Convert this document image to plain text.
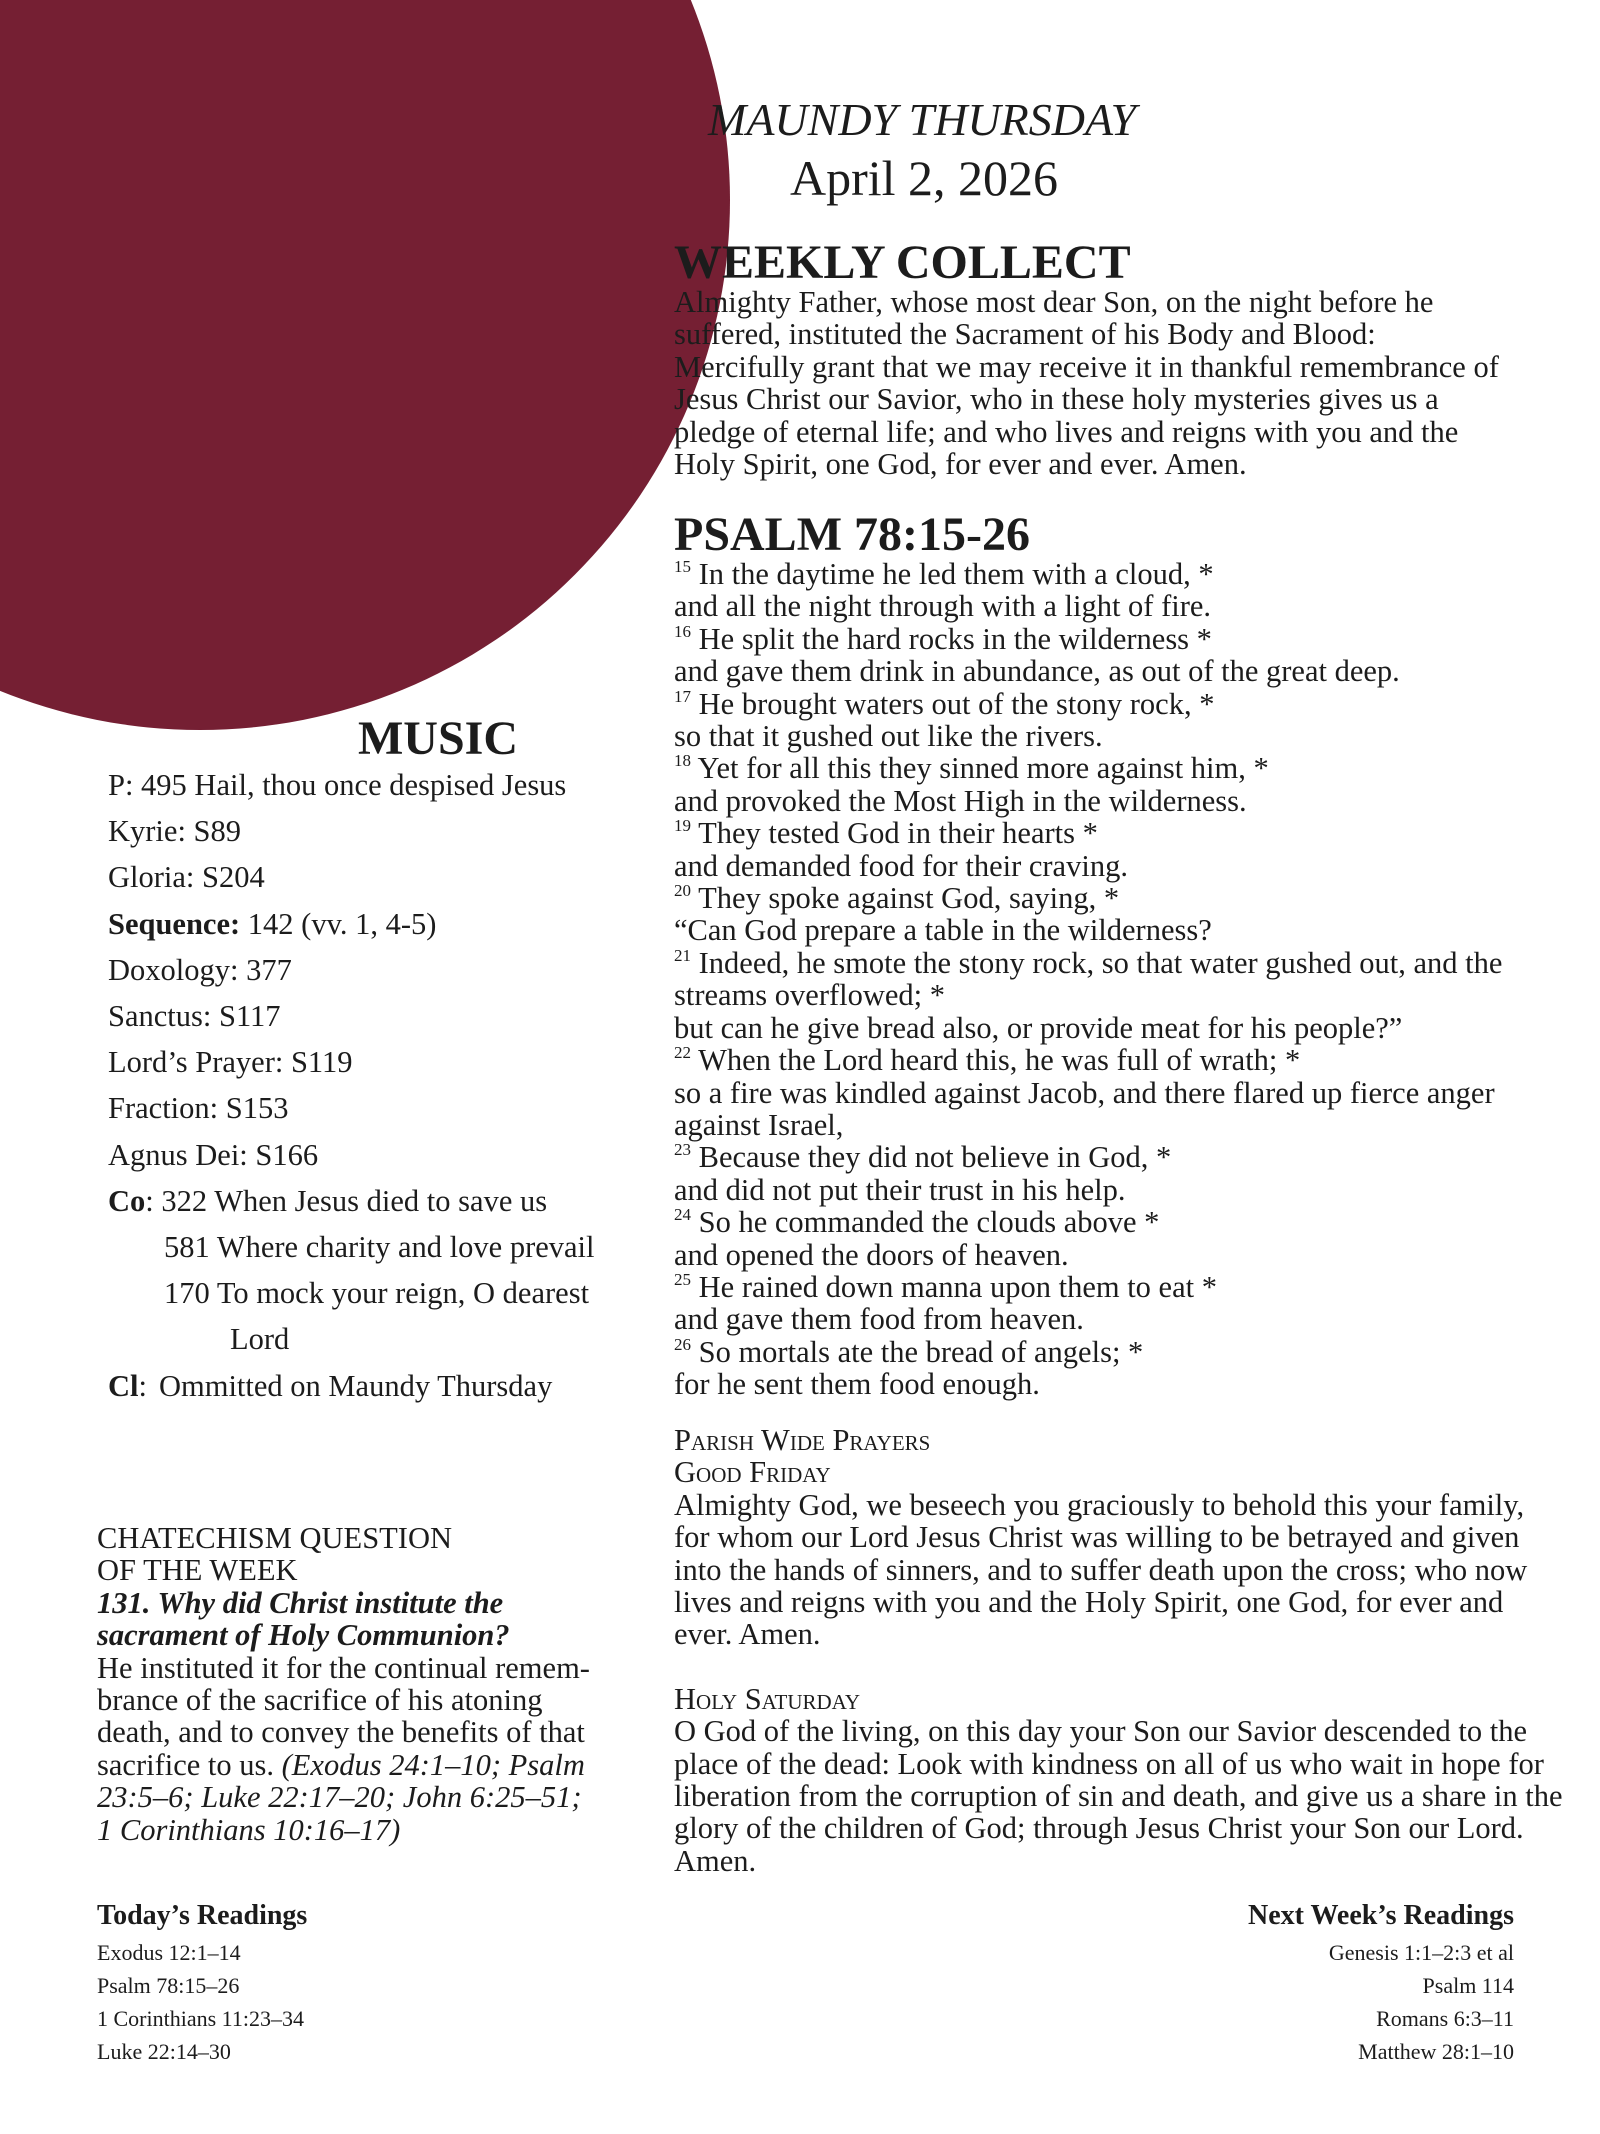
MAUNDY THURSDAY
April 2, 2026
WEEKLY COLLECT
Almighty Father, whose most dear Son, on the night before he
suffered, instituted the Sacrament of his Body and Blood:
Mercifully grant that we may receive it in thankful remembrance of
Jesus Christ our Savior, who in these holy mysteries gives us a
pledge of eternal life; and who lives and reigns with you and the
Holy Spirit, one God, for ever and ever. Amen.
PSALM 78:15-26
$^{15}$ In the daytime he led them with a cloud, *
and all the night through with a light of fire.
$^{16}$ He split the hard rocks in the wilderness *
and gave them drink in abundance, as out of the great deep.
$^{17}$ He brought waters out of the stony rock, *
so that it gushed out like the rivers.
$^{18}$ Yet for all this they sinned more against him, *
and provoked the Most High in the wilderness.
$^{19}$ They tested God in their hearts *
and demanded food for their craving.
$^{20}$ They spoke against God, saying, *
“Can God prepare a table in the wilderness?
$^{21}$ Indeed, he smote the stony rock, so that water gushed out, and the streams overflowed; *
but can he give bread also, or provide meat for his people?”
$^{22}$ When the Lord heard this, he was full of wrath; *
so a fire was kindled against Jacob, and there flared up fierce anger against Israel,
$^{23}$ Because they did not believe in God, *
and did not put their trust in his help.
$^{24}$ So he commanded the clouds above *
and opened the doors of heaven.
$^{25}$ He rained down manna upon them to eat *
and gave them food from heaven.
$^{26}$ So mortals ate the bread of angels; *
for he sent them food enough.

Parish Wide Prayers

Good Friday

Almighty God, we beseech you graciously to behold this your family, for whom our Lord Jesus Christ was willing to be betrayed and given into the hands of sinners, and to suffer death upon the cross; who now lives and reigns with you and the Holy Spirit, one God, for ever and ever. Amen.

Holy Saturday

O God of the living, on this day your Son our Savior descended to the place of the dead: Look with kindness on all of us who wait in hope for liberation from the corruption of sin and death, and give us a share in the glory of the children of God; through Jesus Christ your Son our Lord. Amen.

MUSIC
P: 495 Hail, thou once despised Jesus
Kyrie: S89
Gloria: S204
Sequence: 142 (vv. 1, 4-5)
Doxology: 377
Sanctus: S117
Lord’s Prayer: S119
Fraction: S153
Agnus Dei: S166
Co: 322 When Jesus died to save us
581 Where charity and love prevail
170 To mock your reign, O dearest
Lord
Cl: Ommitted on Maundy Thursday

CHATECHISM QUESTION

OF THE WEEK

131. Why did Christ institute the

sacrament of Holy Communion?

He instituted it for the continual remem-

brance of the sacrifice of his atoning

death, and to convey the benefits of that

sacrifice to us. (Exodus 24:1–10; Psalm

23:5–6; Luke 22:17–20; John 6:25–51;

1 Corinthians 10:16–17)

Today’s Readings

Exodus 12:1–14

Psalm 78:15–26

1 Corinthians 11:23–34

Luke 22:14–30

Next Week’s Readings

Genesis 1:1–2:3 et al

Psalm 114

Romans 6:3–11

Matthew 28:1–10
